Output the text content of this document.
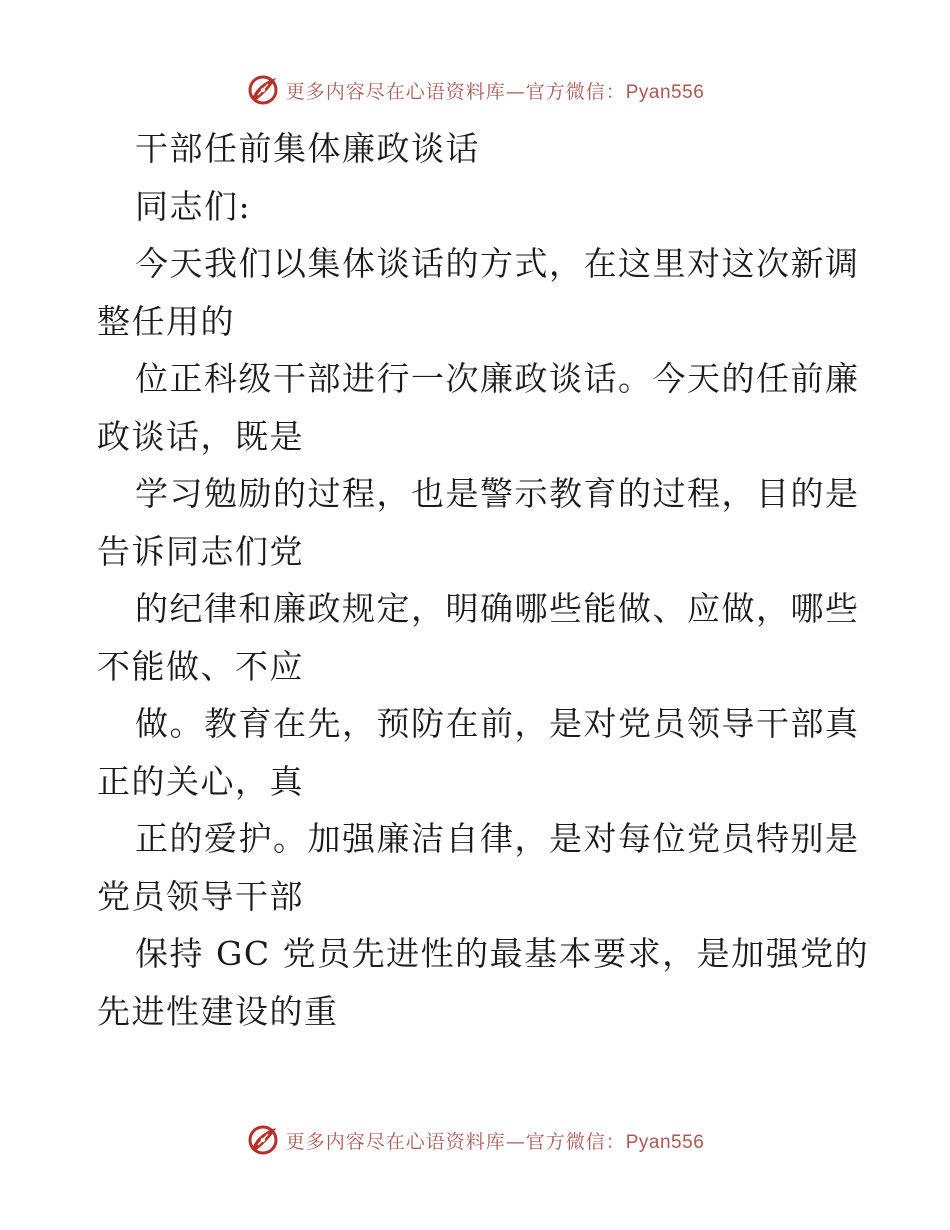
更多内容尽在心语资料库—官方微信：Pyan556
干部任前集体廉政谈话
同志们:
今天我们以集体谈话的方式，在这里对这次新调
整任用的
位正科级干部进行一次廉政谈话。今天的任前廉
政谈话，既是
学习勉励的过程，也是警示教育的过程，目的是
告诉同志们党
的纪律和廉政规定，明确哪些能做、应做，哪些
不能做、不应
做。教育在先，预防在前，是对党员领导干部真
正的关心，真
正的爱护。加强廉洁自律，是对每位党员特别是
党员领导干部
保持 GC 党员先进性的最基本要求，是加强党的
先进性建设的重
更多内容尽在心语资料库—官方微信：Pyan556
